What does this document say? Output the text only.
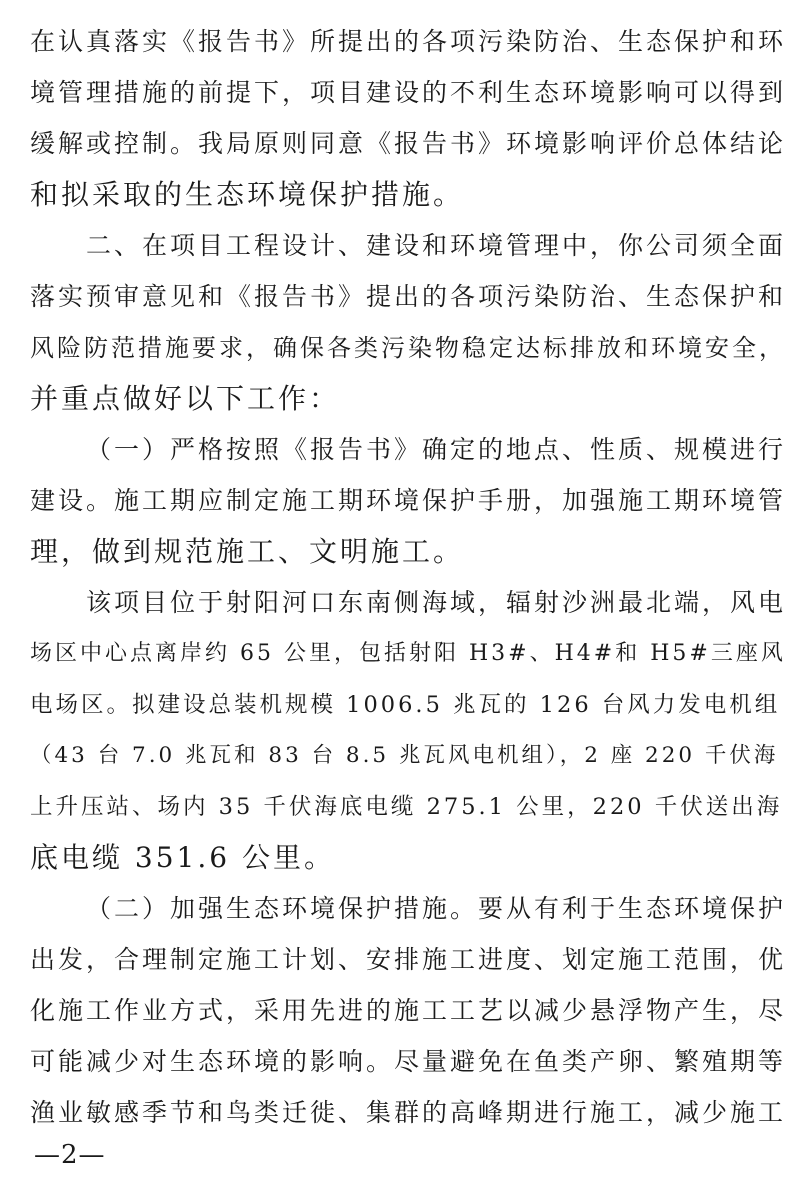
在认真落实《报告书》所提出的各项污染防治、生态保护和环
境管理措施的前提下，项目建设的不利生态环境影响可以得到
缓解或控制。我局原则同意《报告书》环境影响评价总体结论
和拟采取的生态环境保护措施。
二、在项目工程设计、建设和环境管理中，你公司须全面
落实预审意见和《报告书》提出的各项污染防治、生态保护和
风险防范措施要求，确保各类污染物稳定达标排放和环境安全，
并重点做好以下工作：
（一）严格按照《报告书》确定的地点、性质、规模进行
建设。施工期应制定施工期环境保护手册，加强施工期环境管
理，做到规范施工、文明施工。
该项目位于射阳河口东南侧海域，辐射沙洲最北端，风电
场区中心点离岸约 65 公里，包括射阳 H3#、H4#和 H5#三座风
电场区。拟建设总装机规模 1006.5 兆瓦的 126 台风力发电机组
（43 台 7.0 兆瓦和 83 台 8.5 兆瓦风电机组），2 座 220 千伏海
上升压站、场内 35 千伏海底电缆 275.1 公里，220 千伏送出海
底电缆 351.6 公里。
（二）加强生态环境保护措施。要从有利于生态环境保护
出发，合理制定施工计划、安排施工进度、划定施工范围，优
化施工作业方式，采用先进的施工工艺以减少悬浮物产生，尽
可能减少对生态环境的影响。尽量避免在鱼类产卵、繁殖期等
渔业敏感季节和鸟类迁徙、集群的高峰期进行施工，减少施工
—2—
